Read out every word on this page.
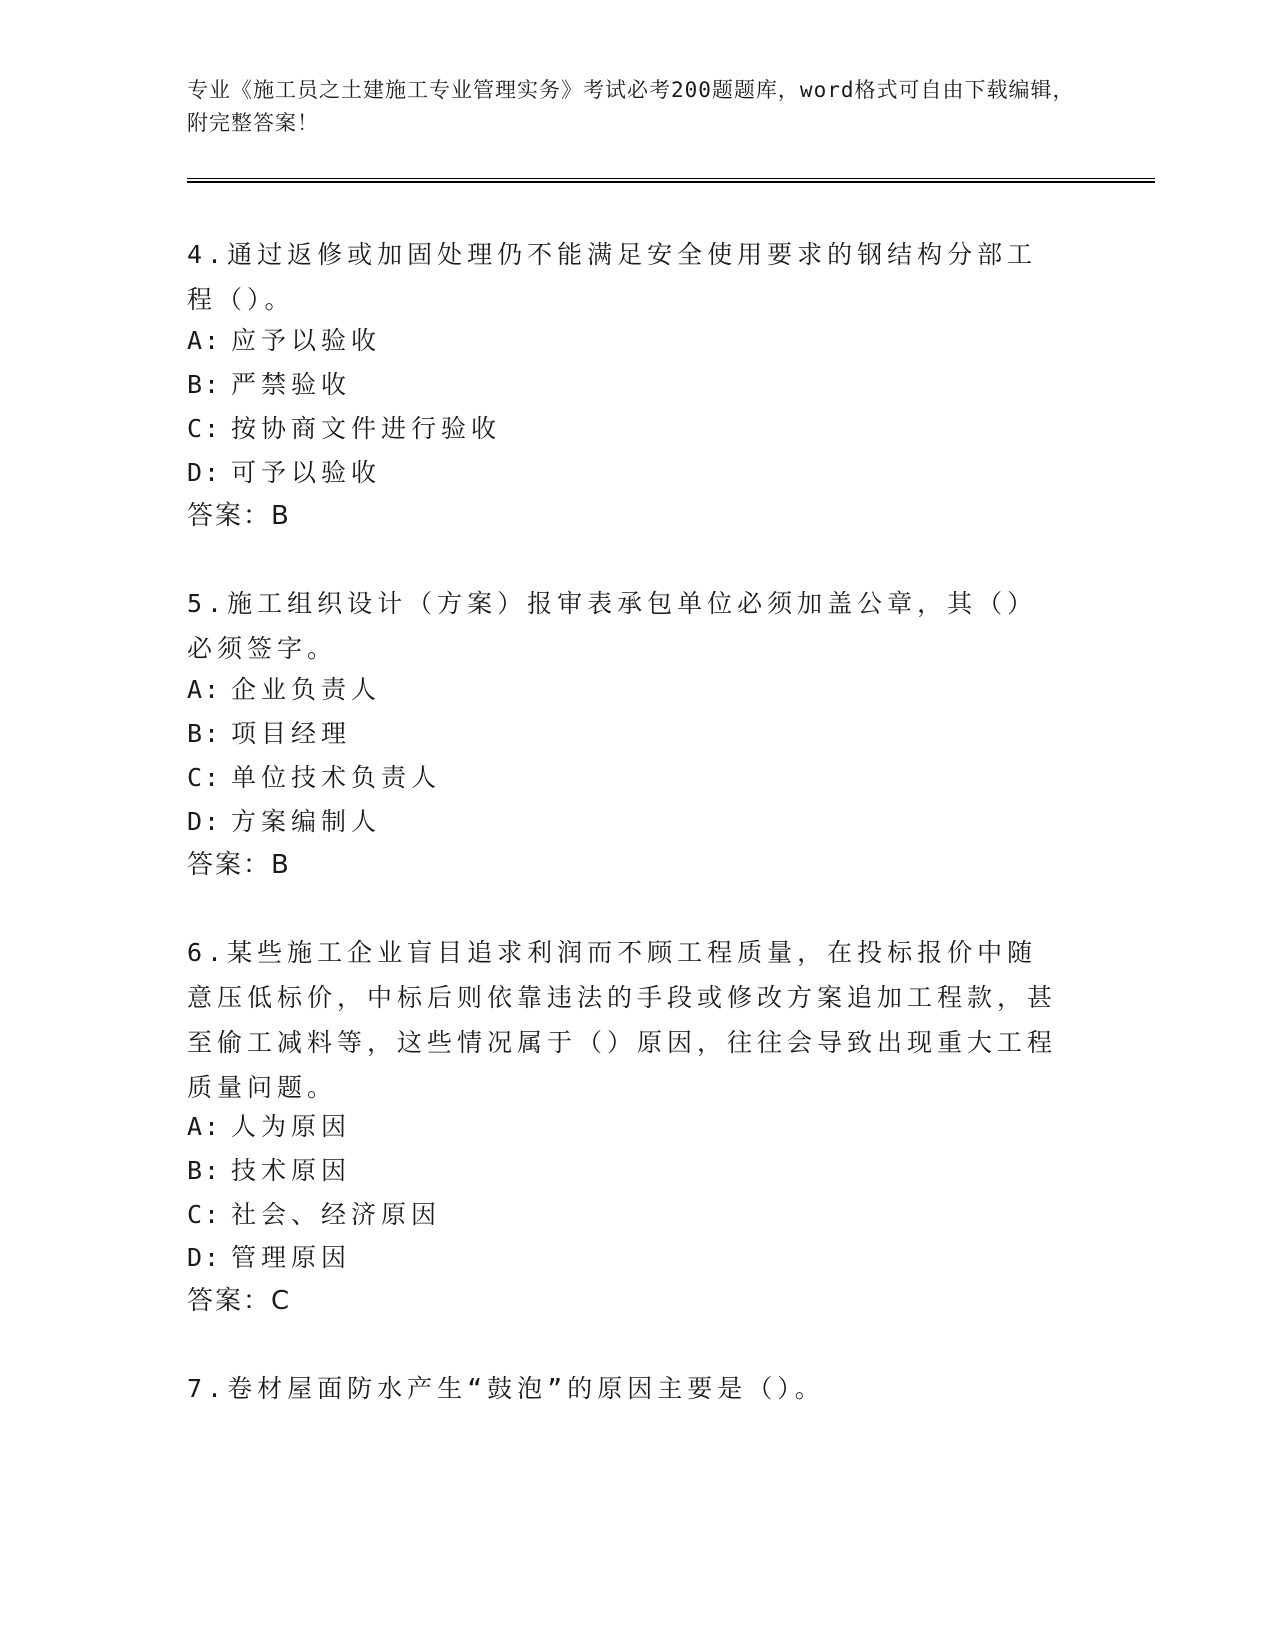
专业《施工员之土建施工专业管理实务》考试必考200题题库，word格式可自由下载编辑，附完整答案！
4.通过返修或加固处理仍不能满足安全使用要求的钢结构分部工程（）。
A: 应予以验收
B: 严禁验收
C: 按协商文件进行验收
D: 可予以验收
答案：B
5.施工组织设计（方案）报审表承包单位必须加盖公章，其（）必须签字。
A: 企业负责人
B: 项目经理
C: 单位技术负责人
D: 方案编制人
答案：B
6.某些施工企业盲目追求利润而不顾工程质量，在投标报价中随意压低标价，中标后则依靠违法的手段或修改方案追加工程款，甚至偷工减料等，这些情况属于（）原因，往往会导致出现重大工程质量问题。
A: 人为原因
B: 技术原因
C: 社会、经济原因
D: 管理原因
答案：C
7.卷材屋面防水产生“鼓泡”的原因主要是（）。
